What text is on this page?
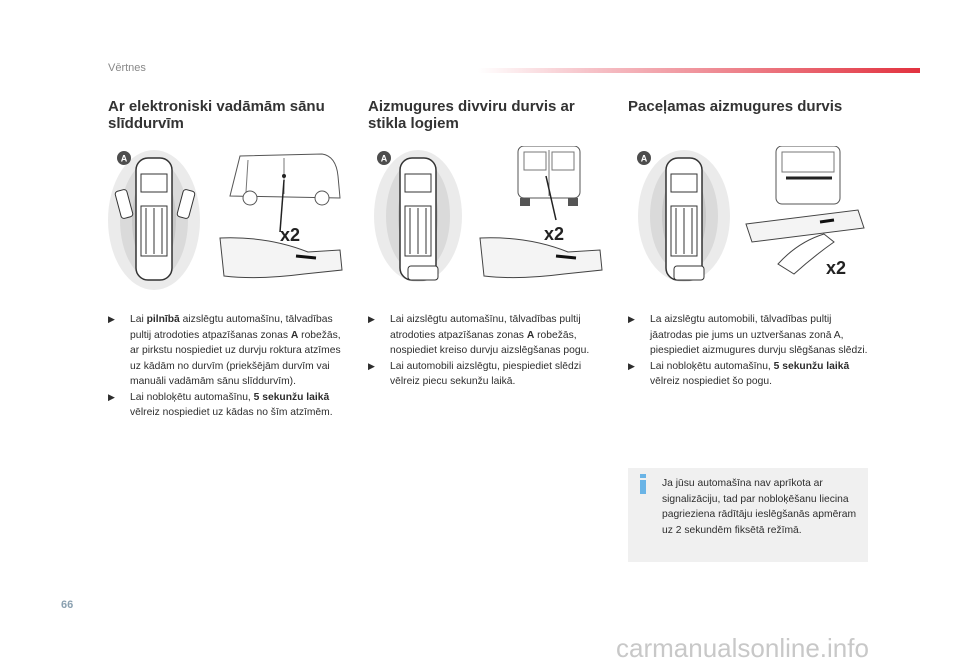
Vērtnes
Ar elektroniski vadāmām sānu slīddurvīm
A
x2
▶ Lai pilnībā aizslēgtu automašīnu, tālvadības pultij atrodoties atpazīšanas zonas A robežās, ar pirkstu nospiediet uz durvju roktura atzīmes uz kādām no durvīm (priekšējām durvīm vai manuāli vadāmām sānu slīddurvīm).
▶ Lai nobloķētu automašīnu, 5 sekunžu laikā vēlreiz nospiediet uz kādas no šīm atzīmēm.
Aizmugures divviru durvis ar stikla logiem
A
x2
▶ Lai aizslēgtu automašīnu, tālvadības pultij atrodoties atpazīšanas zonas A robežās, nospiediet kreiso durvju aizslēgšanas pogu.
▶ Lai automobili aizslēgtu, piespiediet slēdzi vēlreiz piecu sekunžu laikā.
Paceļamas aizmugures durvis
A
x2
▶ La aizslēgtu automobili, tālvadības pultij jāatrodas pie jums un uztveršanas zonā A, piespiediet aizmugures durvju slēgšanas slēdzi.
▶ Lai nobloķētu automašīnu, 5 sekunžu laikā vēlreiz nospiediet šo pogu.

Ja jūsu automašīna nav aprīkota ar signalizāciju, tad par nobloķēšanu liecina pagrieziena rādītāju ieslēgšanās apmēram uz 2 sekundēm fiksētā režīmā.

66
carmanualsonline.info
